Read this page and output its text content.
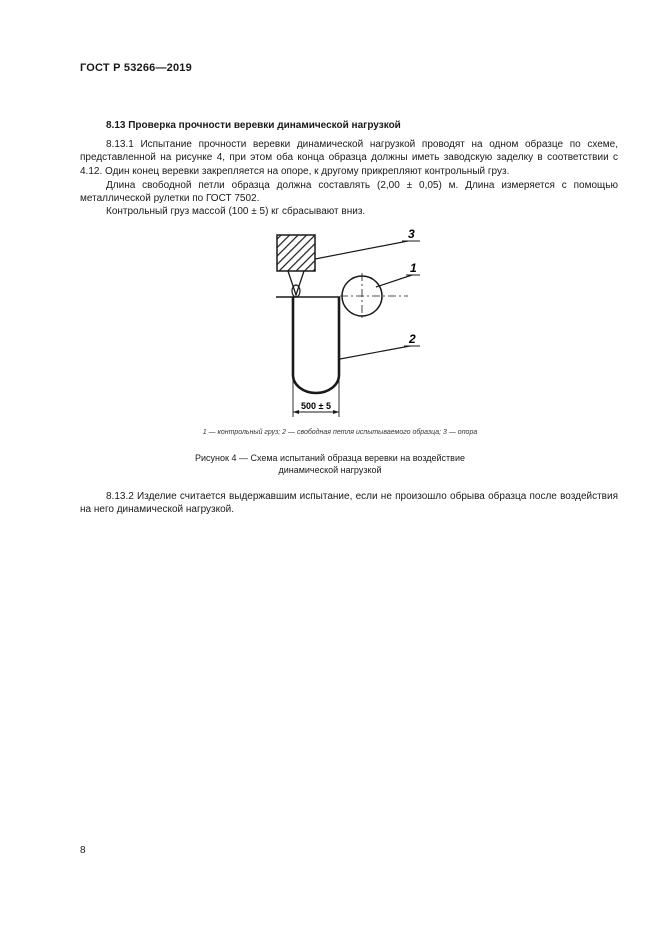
ГОСТ Р 53266—2019
8.13 Проверка прочности веревки динамической нагрузкой
8.13.1 Испытание прочности веревки динамической нагрузкой проводят на одном образце по схеме, представленной на рисунке 4, при этом оба конца образца должны иметь заводскую заделку в соответствии с 4.12. Один конец веревки закрепляется на опоре, к другому прикрепляют контрольный груз.
Длина свободной петли образца должна составлять (2,00 ± 0,05) м. Длина измеряется с помощью металлической рулетки по ГОСТ 7502.
Контрольный груз массой (100 ± 5) кг сбрасывают вниз.
500 ± 5
3
1
2
1 — контрольный груз; 2 — свободная петля испытываемого образца; 3 — опора
Рисунок 4 — Схема испытаний образца веревки на воздействие
динамической нагрузкой
8.13.2 Изделие считается выдержавшим испытание, если не произошло обрыва образца после воздействия на него динамической нагрузкой.
8
